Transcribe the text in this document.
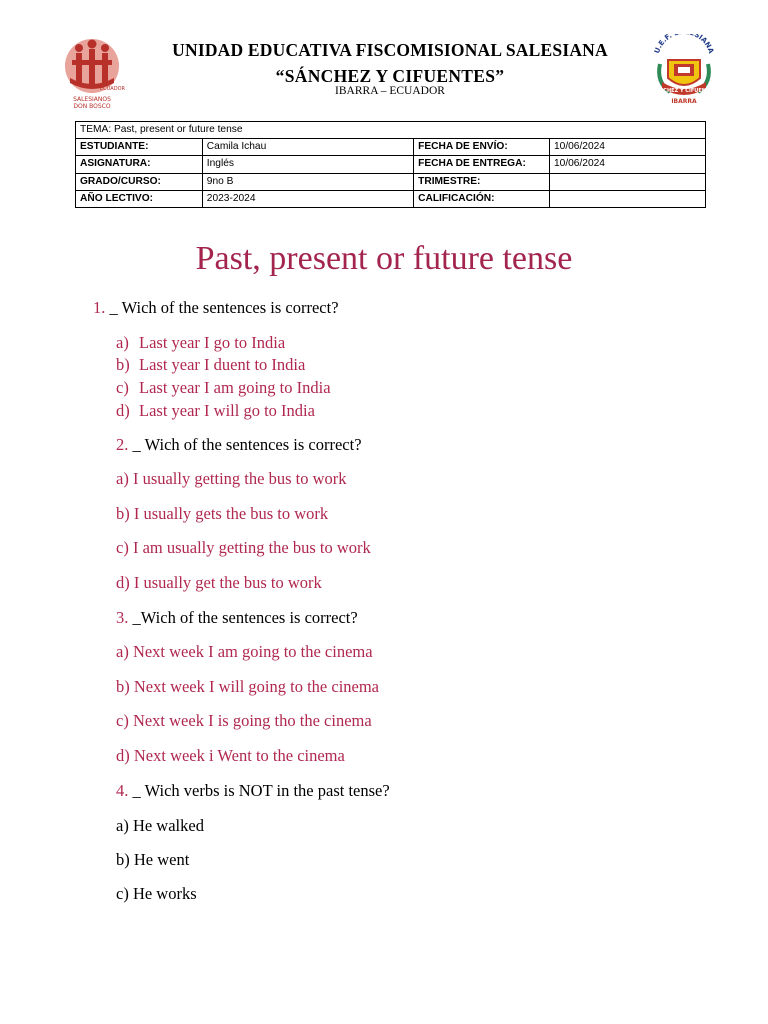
ECUADOR
SALESIANOS
DON BOSCO
U.E.F. SIANA
SÁNCHEZ Y CIFUENTES
IBARRA
UNIDAD EDUCATIVA FISCOMISIONAL SALESIANA
“SÁNCHEZ Y CIFUENTES”
IBARRA – ECUADOR
TEMA: Past, present or future tense			
ESTUDIANTE:	Camila Ichau	FECHA DE ENVÍO:	10/06/2024
ASIGNATURA:	Inglés	FECHA DE ENTREGA:	10/06/2024
GRADO/CURSO:	9no B	TRIMESTRE:	
AÑO LECTIVO:	2023-2024	CALIFICACIÓN:	
Past, present or future tense
1. _ Wich of the sentences is correct?
a) Last year I go to India
b) Last year I duent to India
c) Last year I am going to India
d) Last year I will go to India
2. _ Wich of the sentences is correct?
a) I usually getting the bus to work
b) I usually gets the bus to work
c) I am usually getting the bus to work
d) I usually get the bus to work
3. _Wich of the sentences is correct?
a) Next week I am going to the cinema
b) Next week I will going to the cinema
c) Next week I is going tho the cinema
d) Next week i Went to the cinema
4. _ Wich verbs is NOT in the past tense?
a) He walked
b) He went
c) He works
